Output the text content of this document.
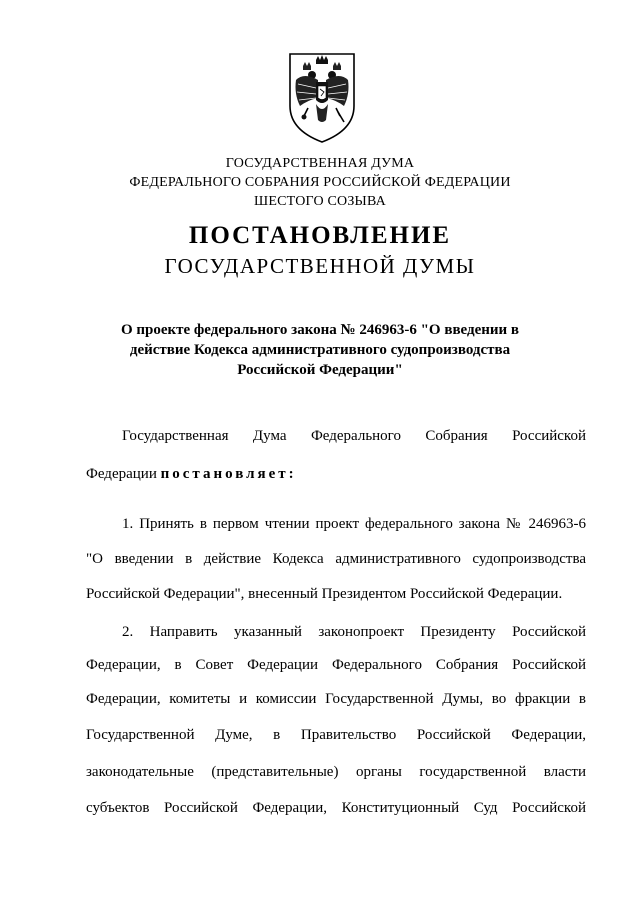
ГОСУДАРСТВЕННАЯ ДУМА
ФЕДЕРАЛЬНОГО СОБРАНИЯ РОССИЙСКОЙ ФЕДЕРАЦИИ
ШЕСТОГО СОЗЫВА
ПОСТАНОВЛЕНИЕ
ГОСУДАРСТВЕННОЙ ДУМЫ
О проекте федерального закона № 246963-6 "О введении в
действие Кодекса административного судопроизводства
Российской Федерации"
Государственная Дума Федерального Собрания Российской
Федерации постановляет:
1. Принять в первом чтении проект федерального закона № 246963-6
"О введении в действие Кодекса административного судопроизводства
Российской Федерации", внесенный Президентом Российской Федерации.
2. Направить указанный законопроект Президенту Российской
Федерации, в Совет Федерации Федерального Собрания Российской
Федерации, комитеты и комиссии Государственной Думы, во фракции в
Государственной Думе, в Правительство Российской Федерации,
законодательные (представительные) органы государственной власти
субъектов Российской Федерации, Конституционный Суд Российской
